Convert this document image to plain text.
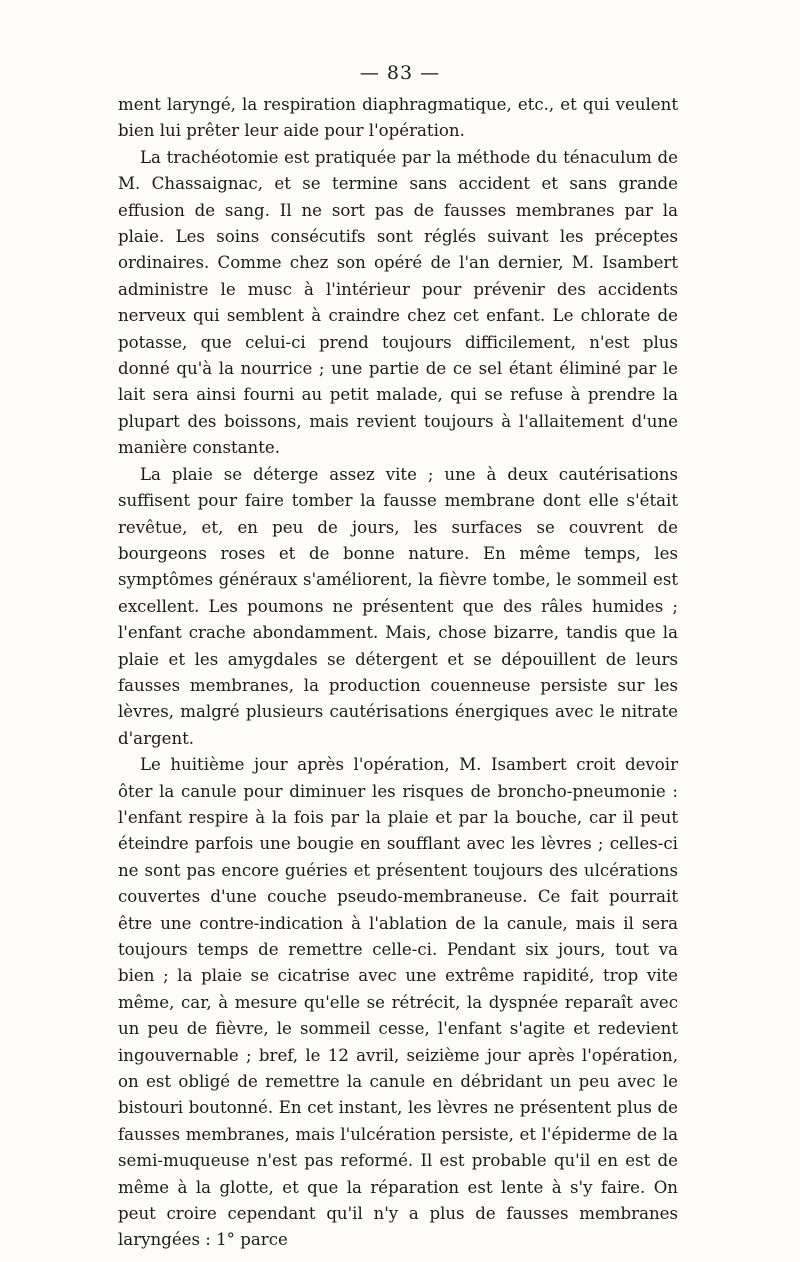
— 83 —

ment laryngé, la respiration diaphragmatique, etc., et qui veulent bien lui prêter leur aide pour l'opération.

La trachéotomie est pratiquée par la méthode du ténaculum de M. Chassaignac, et se termine sans accident et sans grande effusion de sang. Il ne sort pas de fausses membranes par la plaie. Les soins consécutifs sont réglés suivant les préceptes ordinaires. Comme chez son opéré de l'an dernier, M. Isambert administre le musc à l'intérieur pour prévenir des accidents nerveux qui semblent à craindre chez cet enfant. Le chlorate de potasse, que celui-ci prend toujours difficilement, n'est plus donné qu'à la nourrice ; une partie de ce sel étant éliminé par le lait sera ainsi fourni au petit malade, qui se refuse à prendre la plupart des boissons, mais revient toujours à l'allaitement d'une manière constante.

La plaie se déterge assez vite ; une à deux cautérisations suffisent pour faire tomber la fausse membrane dont elle s'était revêtue, et, en peu de jours, les surfaces se couvrent de bourgeons roses et de bonne nature. En même temps, les symptômes généraux s'améliorent, la fièvre tombe, le sommeil est excellent. Les poumons ne présentent que des râles humides ; l'enfant crache abondamment. Mais, chose bizarre, tandis que la plaie et les amygdales se détergent et se dépouillent de leurs fausses membranes, la production couenneuse persiste sur les lèvres, malgré plusieurs cautérisations énergiques avec le nitrate d'argent.

Le huitième jour après l'opération, M. Isambert croit devoir ôter la canule pour diminuer les risques de broncho-pneumonie : l'enfant respire à la fois par la plaie et par la bouche, car il peut éteindre parfois une bougie en soufflant avec les lèvres ; celles-ci ne sont pas encore guéries et présentent toujours des ulcérations couvertes d'une couche pseudo-membraneuse. Ce fait pourrait être une contre-indication à l'ablation de la canule, mais il sera toujours temps de remettre celle-ci. Pendant six jours, tout va bien ; la plaie se cicatrise avec une extrême rapidité, trop vite même, car, à mesure qu'elle se rétrécit, la dyspnée reparaît avec un peu de fièvre, le sommeil cesse, l'enfant s'agite et redevient ingouvernable ; bref, le 12 avril, seizième jour après l'opération, on est obligé de remettre la canule en débridant un peu avec le bistouri boutonné. En cet instant, les lèvres ne présentent plus de fausses membranes, mais l'ulcération persiste, et l'épiderme de la semi-muqueuse n'est pas reformé. Il est probable qu'il en est de même à la glotte, et que la réparation est lente à s'y faire. On peut croire cependant qu'il n'y a plus de fausses membranes laryngées : 1° parce
